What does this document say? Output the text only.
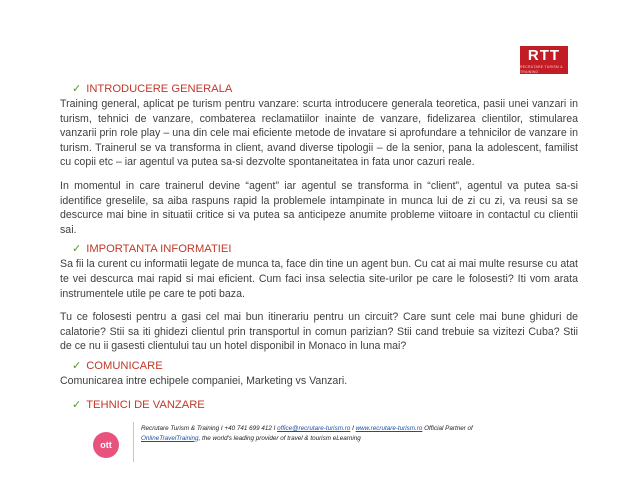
RTT
RECRUTARE TURISM & TRAINING
✓ INTRODUCERE GENERALA

Training general, aplicat pe turism pentru vanzare: scurta introducere generala teoretica, pasii unei vanzari in turism, tehnici de vanzare, combaterea reclamatiilor inainte de vanzare, fidelizarea clientilor, stimularea vanzarii prin role play – una din cele mai eficiente metode de invatare si aprofundare a tehnicilor de vanzare in turism. Trainerul se va transforma in client, avand diverse tipologii – de la senior, pana la adolescent, familist cu copii etc – iar agentul va putea sa-si dezvolte spontaneitatea in fata unor cazuri reale.

In momentul in care trainerul devine “agent” iar agentul se transforma in “client”, agentul va putea sa-si identifice greselile, sa aiba raspuns rapid la problemele intampinate in munca lui de zi cu zi, va reusi sa se descurce mai bine in situatii critice si va putea sa anticipeze anumite probleme viitoare in contactul cu clientii sai.

✓ IMPORTANTA INFORMATIEI

Sa fii la curent cu informatii legate de munca ta, face din tine un agent bun. Cu cat ai mai multe resurse cu atat te vei descurca mai rapid si mai eficient. Cum faci insa selectia site-urilor pe care le folosesti? Iti vom arata instrumentele utile pe care te poti baza.

Tu ce folosesti pentru a gasi cel mai bun itinerariu pentru un circuit? Care sunt cele mai bune ghiduri de calatorie? Stii sa iti ghidezi clientul prin transportul in comun parizian? Stii cand trebuie sa vizitezi Cuba? Stii de ce nu ii gasesti clientului tau un hotel disponibil in Monaco in luna mai?

✓ COMUNICARE

Comunicarea intre echipele companiei, Marketing vs Vanzari.

✓ TEHNICI DE VANZARE
ott
Recrutare Turism & Training I +40 741 699 412 I office@recrutare-turism.ro I www.recrutare-turism.ro Official Partner of
OnlineTravelTraining, the world's leading provider of travel & tourism eLearning
